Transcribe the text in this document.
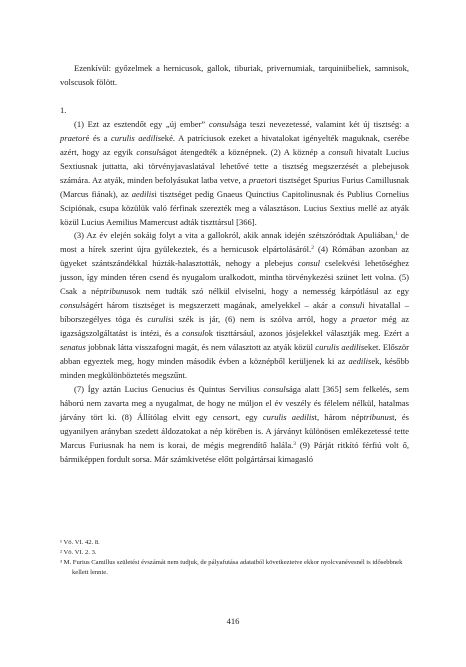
Ezenkívül: győzelmek a hernicusok, gallok, tiburiak, privernumiak, tarquiniibeliek, samnisok, volscusok fölött.

1.

(1) Ezt az esztendőt egy „új ember” consulsága teszi nevezetessé, valamint két új tisztség: a praetoré és a curulis aediliseké. A patríciusok ezeket a hivatalokat igényelték maguknak, cserébe azért, hogy az egyik consulságot átengedték a köznépnek. (2) A köznép a consuli hivatalt Lucius Sextiusnak juttatta, aki törvényjavaslatával lehetővé tette a tisztség megszerzését a plebejusok számára. Az atyák, minden befolyásukat latba vetve, a praetori tisztséget Spurius Furius Camillusnak (Marcus fiának), az aedilisi tisztséget pedig Gnaeus Quinctius Capitolinusnak és Publius Cornelius Scipiónak, csupa közülük való férfinak szerezték meg a választáson. Lucius Sextius mellé az atyák közül Lucius Aemilius Mamercust adták tiszttársul [366].

(3) Az év elején sokáig folyt a vita a gallokról, akik annak idején szétszóródtak Apuliában,$^1$ de most a hírek szerint újra gyülekeztek, és a hernicusok elpártolásáról.$^2$ (4) Rómában azonban az ügyeket szántszándékkal húzták-halasztották, nehogy a plebejus consul cselekvési lehetőséghez jusson, így minden téren csend és nyugalom uralkodott, mintha törvénykezési szünet lett volna. (5) Csak a néptribunusok nem tudták szó nélkül elviselni, hogy a nemesség kárpótlásul az egy consulságért három tisztséget is megszerzett magának, amelyekkel – akár a consuli hivatallal – bíborszegélyes tóga és curulisi szék is jár, (6) nem is szólva arról, hogy a praetor még az igazságszolgáltatást is intézi, és a consulok tiszttársául, azonos jósjelekkel választják meg. Ezért a senatus jobbnak látta visszafogni magát, és nem választott az atyák közül curulis aediliseket. Először abban egyeztek meg, hogy minden második évben a köznépből kerüljenek ki az aedilisek, később minden megkülönböztetés megszűnt.

(7) Így aztán Lucius Genucius és Quintus Servilius consulsága alatt [365] sem felkelés, sem háború nem zavarta meg a nyugalmat, de hogy ne múljon el év veszély és félelem nélkül, hatalmas járvány tört ki. (8) Állítólag elvitt egy censort, egy curulis aedilist, három néptribunust, és ugyanilyen arányban szedett áldozatokat a nép körében is. A járványt különösen emlékezetessé tette Marcus Furiusnak ha nem is korai, de mégis megrendítő halála.$^3$ (9) Párját ritkító férfiú volt ő, bármiképpen fordult sorsa. Már számkivetése előtt polgártársai kimagasló

¹ Vö. VI. 42. 8.

² Vö. VI. 2. 3.

³ M. Furius Camillus születési évszámát nem tudjuk, de pályafutása adataiból következtetve ekkor nyolcvanévesnél is idősebbnek kellett lennie.

416
